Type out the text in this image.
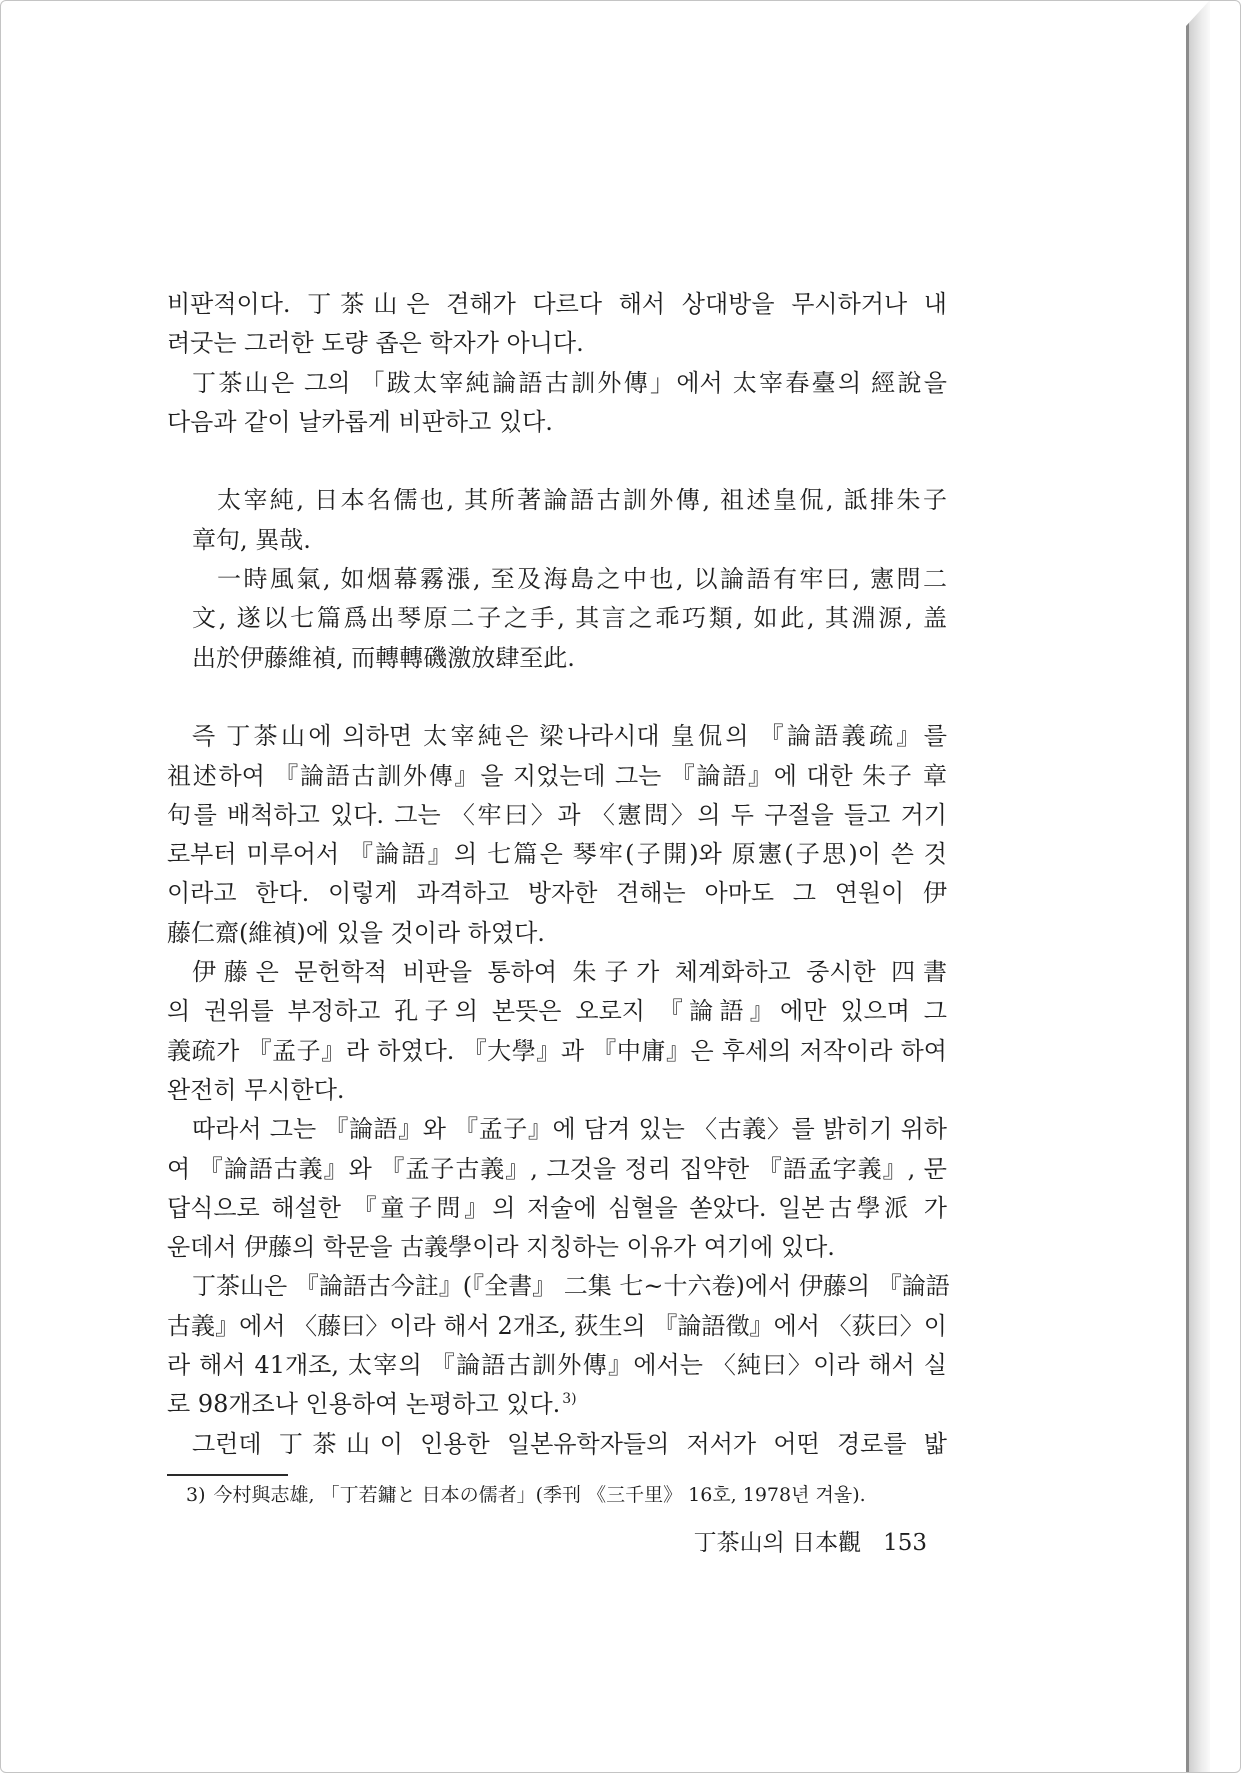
비판적이다. 丁茶山은 견해가 다르다 해서 상대방을 무시하거나 내
려굿는 그러한 도량 좁은 학자가 아니다.
丁茶山은 그의 「跋太宰純論語古訓外傳」에서 太宰春臺의 經說을
다음과 같이 날카롭게 비판하고 있다.
太宰純, 日本名儒也, 其所著論語古訓外傳, 祖述皇侃, 詆排朱子
章句, 異哉.
一時風氣, 如烟幕霧漲, 至及海島之中也, 以論語有牢曰, 憲問二
文, 遂以七篇爲出琴原二子之手, 其言之乖巧類, 如此, 其淵源, 盖
出於伊藤維禎, 而轉轉磯激放肆至此.
즉 丁茶山에 의하면 太宰純은 梁나라시대 皇侃의 『論語義疏』를
祖述하여 『論語古訓外傳』을 지었는데 그는 『論語』에 대한 朱子 章
句를 배척하고 있다. 그는 〈牢曰〉과 〈憲問〉의 두 구절을 들고 거기
로부터 미루어서 『論語』의 七篇은 琴牢(子開)와 原憲(子思)이 쓴 것
이라고 한다. 이렇게 과격하고 방자한 견해는 아마도 그 연원이 伊
藤仁齋(維禎)에 있을 것이라 하였다.
伊藤은 문헌학적 비판을 통하여 朱子가 체계화하고 중시한 四書
의 권위를 부정하고 孔子의 본뜻은 오로지 『論語』에만 있으며 그
義疏가 『孟子』라 하였다. 『大學』과 『中庸』은 후세의 저작이라 하여
완전히 무시한다.
따라서 그는 『論語』와 『孟子』에 담겨 있는 〈古義〉를 밝히기 위하
여 『論語古義』와 『孟子古義』, 그것을 정리 집약한 『語孟字義』, 문
답식으로 해설한 『童子問』의 저술에 심혈을 쏟았다. 일본古學派 가
운데서 伊藤의 학문을 古義學이라 지칭하는 이유가 여기에 있다.
丁茶山은 『論語古今註』(『全書』 二集 七~十六卷)에서 伊藤의 『論語
古義』에서 〈藤曰〉이라 해서 2개조, 荻生의 『論語徵』에서 〈荻曰〉이
라 해서 41개조, 太宰의 『論語古訓外傳』에서는 〈純曰〉이라 해서 실
로 98개조나 인용하여 논평하고 있다. $^{3)}$
그런데 丁茶山이 인용한 일본유학자들의 저서가 어떤 경로를 밟
3) 今村與志雄, 「丁若鏞と 日本の儒者」(季刊 《三千里》 16호, 1978년 겨울).
丁茶山의 日本觀 153
